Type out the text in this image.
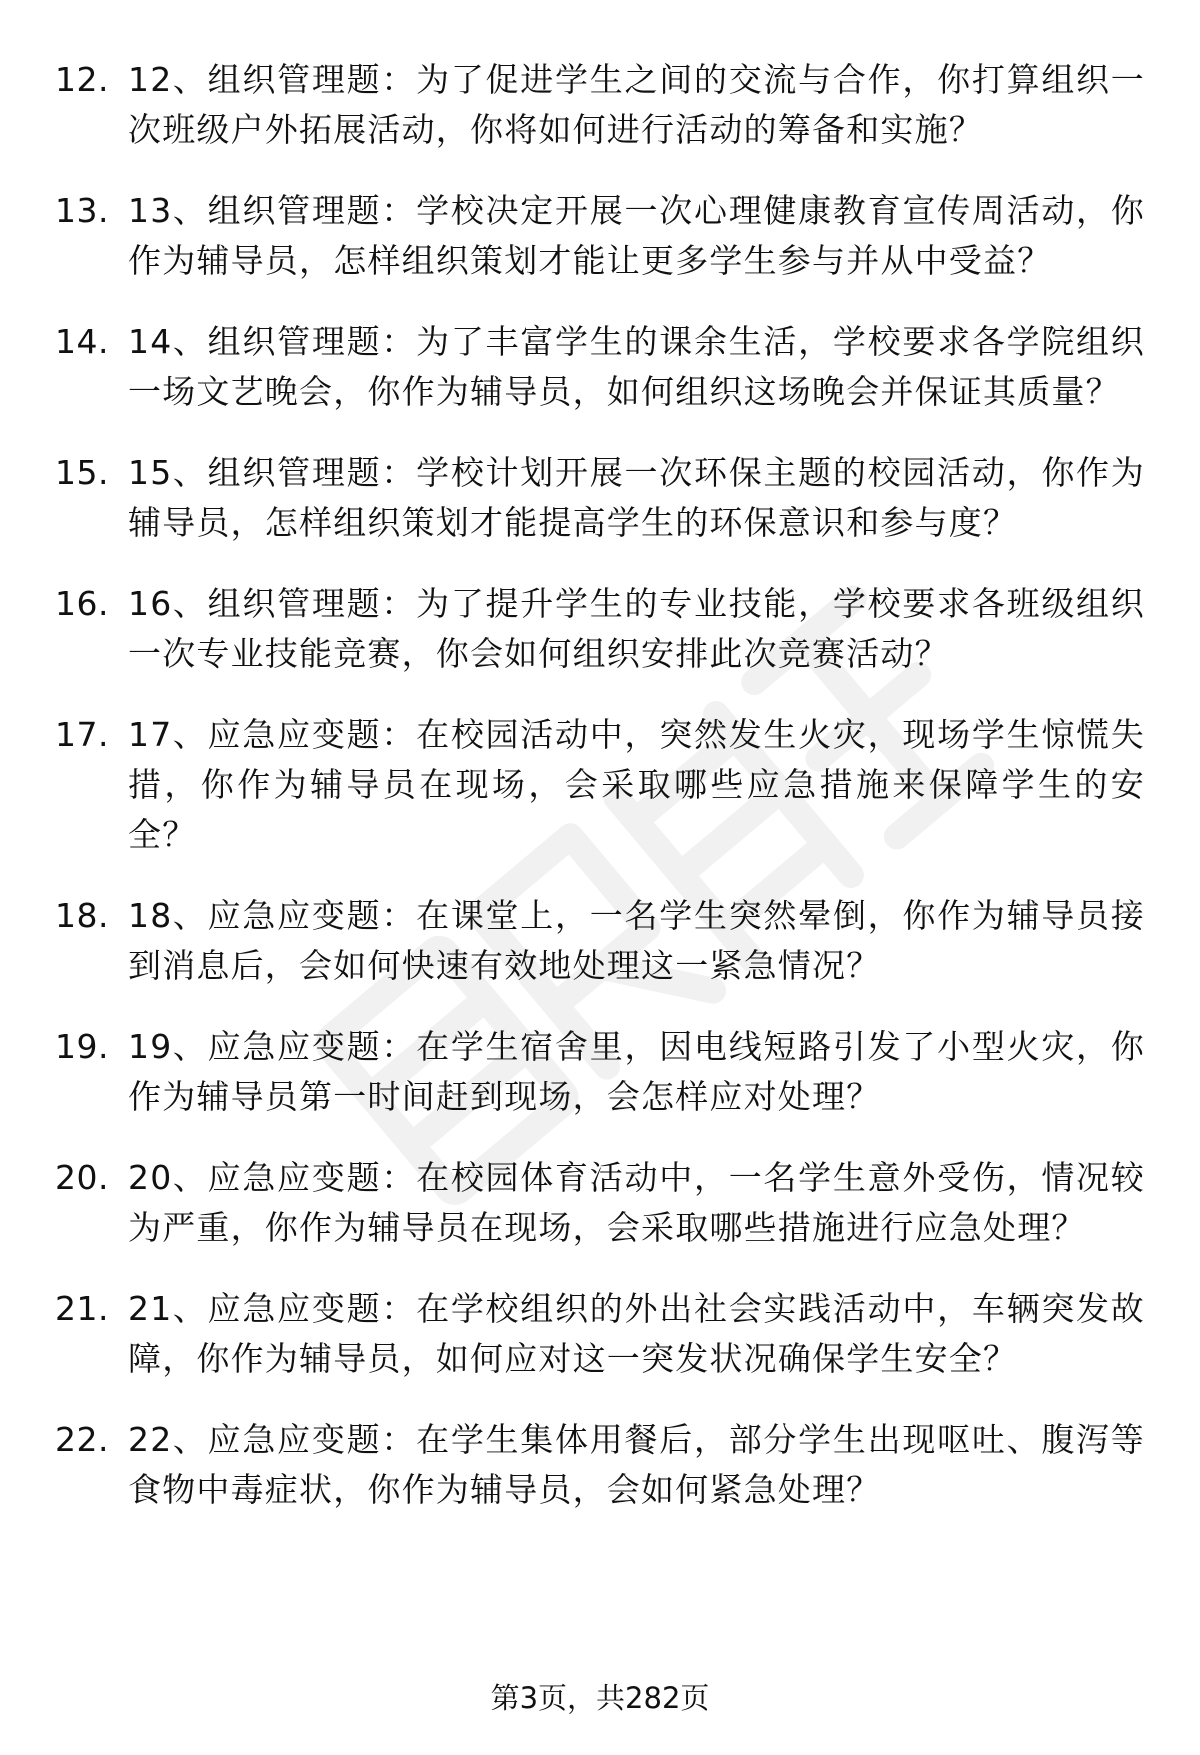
12. 12、组织管理题：为了促进学生之间的交流与合作，你打算组织一次班级户外拓展活动，你将如何进行活动的筹备和实施？
13. 13、组织管理题：学校决定开展一次心理健康教育宣传周活动，你作为辅导员，怎样组织策划才能让更多学生参与并从中受益？
14. 14、组织管理题：为了丰富学生的课余生活，学校要求各学院组织一场文艺晚会，你作为辅导员，如何组织这场晚会并保证其质量？
15. 15、组织管理题：学校计划开展一次环保主题的校园活动，你作为辅导员，怎样组织策划才能提高学生的环保意识和参与度？
16. 16、组织管理题：为了提升学生的专业技能，学校要求各班级组织一次专业技能竞赛，你会如何组织安排此次竞赛活动？
17. 17、应急应变题：在校园活动中，突然发生火灾，现场学生惊慌失措，你作为辅导员在现场，会采取哪些应急措施来保障学生的安全？
18. 18、应急应变题：在课堂上，一名学生突然晕倒，你作为辅导员接到消息后，会如何快速有效地处理这一紧急情况？
19. 19、应急应变题：在学生宿舍里，因电线短路引发了小型火灾，你作为辅导员第一时间赶到现场，会怎样应对处理？
20. 20、应急应变题：在校园体育活动中，一名学生意外受伤，情况较为严重，你作为辅导员在现场，会采取哪些措施进行应急处理？
21. 21、应急应变题：在学校组织的外出社会实践活动中，车辆突发故障，你作为辅导员，如何应对这一突发状况确保学生安全？
22. 22、应急应变题：在学生集体用餐后，部分学生出现呕吐、腹泻等食物中毒症状，你作为辅导员，会如何紧急处理？
第3页，共282页
